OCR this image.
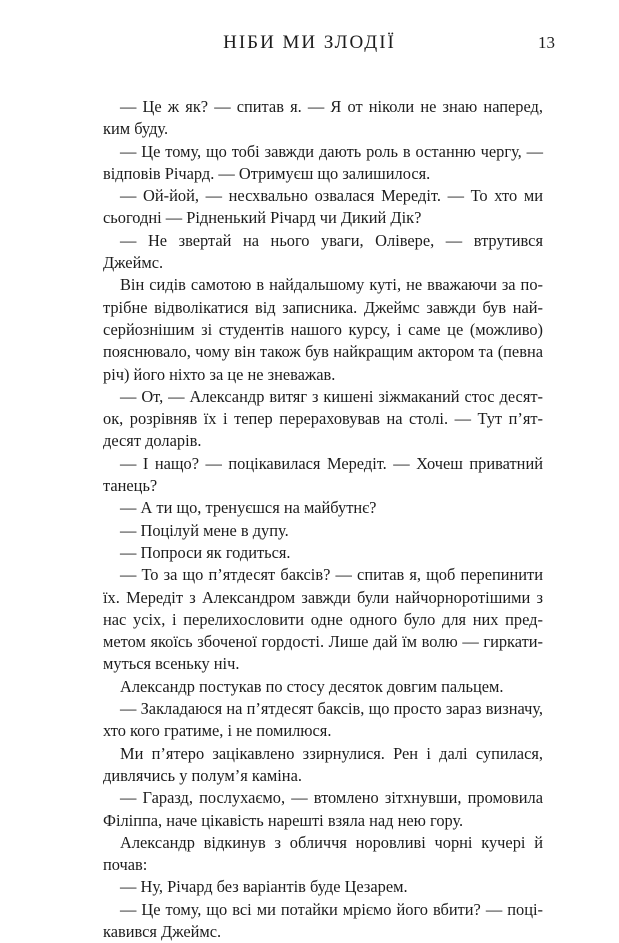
НІБИ МИ ЗЛОДІЇ	13

— Це ж як? — спитав я. — Я от ніколи не знаю наперед, ким буду.

— Це тому, що тобі завжди дають роль в останню чергу, — відповів Річард. — Отримуєш що залишилося.

— Ой-йой, — несхвально озвалася Мередіт. — То хто ми сьогодні — Рідненький Річард чи Дикий Дік?

— Не звертай на нього уваги, Олівере, — втрутився Джеймс.

Він сидів самотою в найдальшому куті, не вважаючи за потрібне відволікатися від записника. Джеймс завжди був найсерйознішим зі студентів нашого курсу, і саме це (можливо) пояснювало, чому він також був найкращим актором та (певна річ) його ніхто за це не зневажав.

— От, — Александр витяг з кишені зіжмаканий стос десяток, розрівняв їх і тепер перераховував на столі. — Тут п’ятдесят доларів.

— І нащо? — поцікавилася Мередіт. — Хочеш приватний танець?

— А ти що, тренуєшся на майбутнє?

— Поцілуй мене в дупу.

— Попроси як годиться.

— То за що п’ятдесят баксів? — спитав я, щоб перепинити їх. Мередіт з Александром завжди були найчорноротішими з нас усіх, і перелихословити одне одного було для них предметом якоїсь збоченої гордості. Лише дай їм волю — гиркатимуться всеньку ніч.

Александр постукав по стосу десяток довгим пальцем.

— Закладаюся на п’ятдесят баксів, що просто зараз визначу, хто кого гратиме, і не помилюся.

Ми п’ятеро зацікавлено ззирнулися. Рен і далі супилася, дивлячись у полум’я каміна.

— Гаразд, послухаємо, — втомлено зітхнувши, промовила Філіппа, наче цікавість нарешті взяла над нею гору.

Александр відкинув з обличчя норовливі чорні кучері й почав:

— Ну, Річард без варіантів буде Цезарем.

— Це тому, що всі ми потайки мріємо його вбити? — поцікавився Джеймс.
